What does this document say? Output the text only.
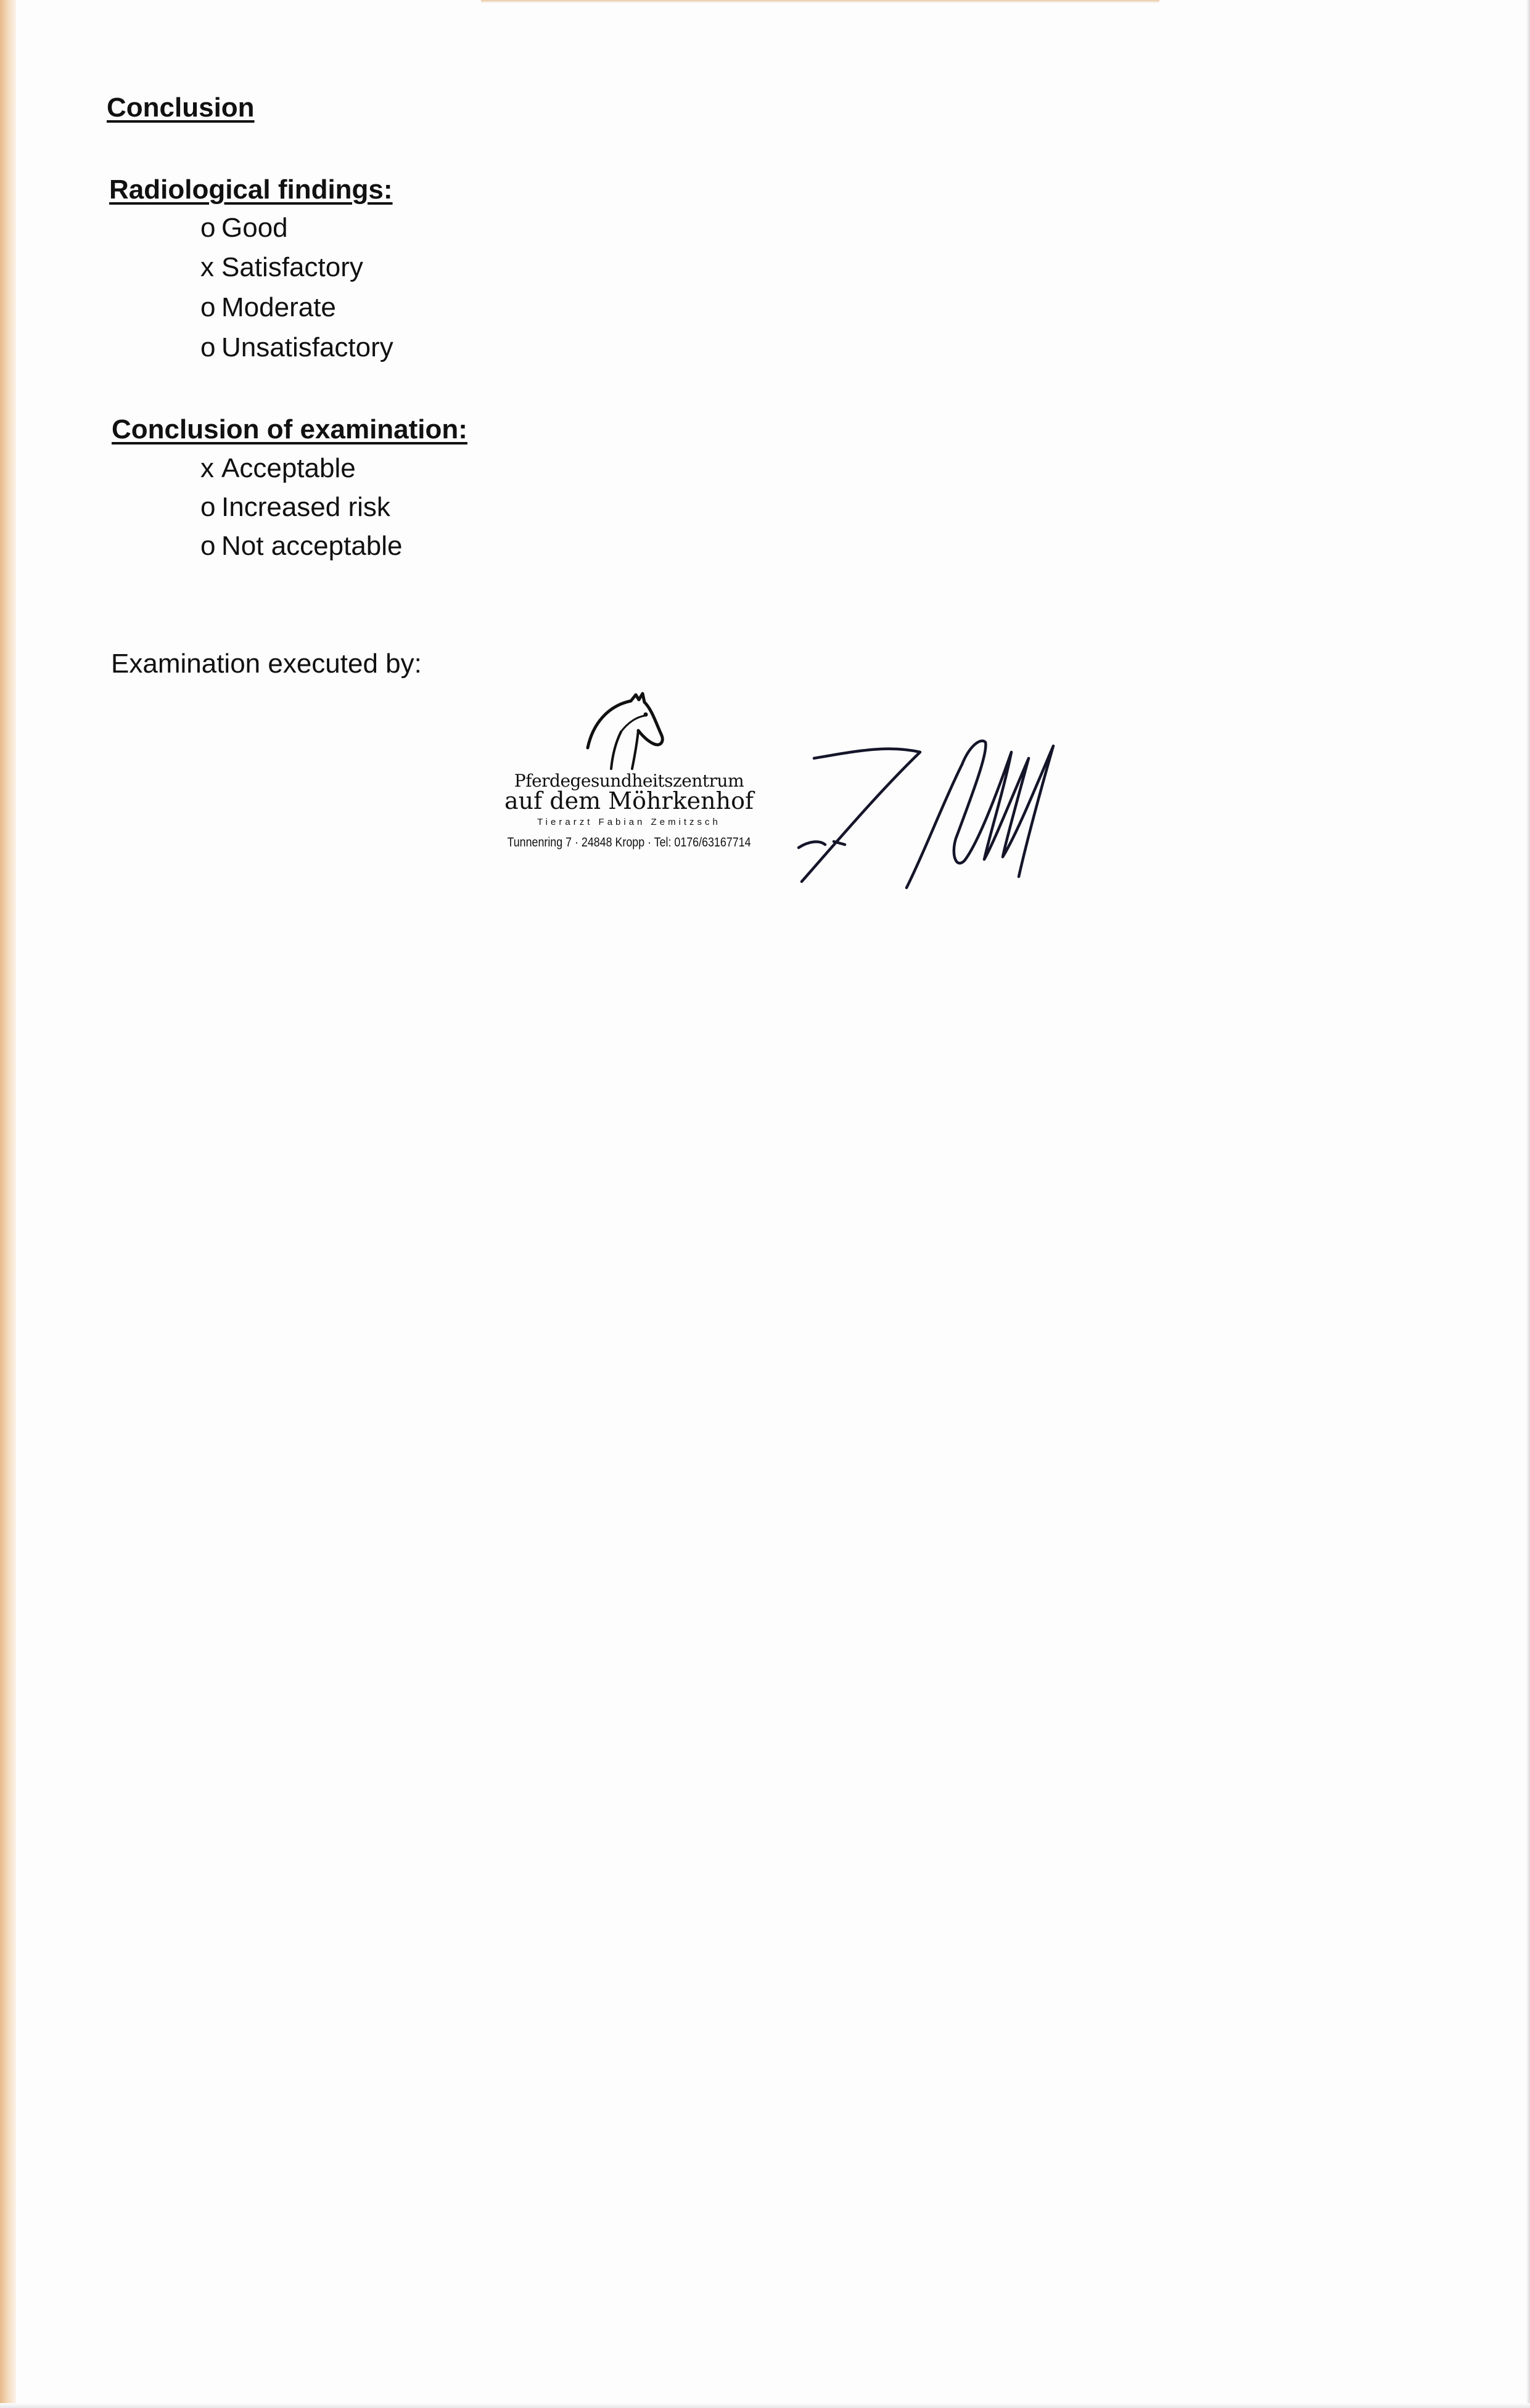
Conclusion
Radiological findings:
o Good
x Satisfactory
o Moderate
o Unsatisfactory
Conclusion of examination:
x Acceptable
o Increased risk
o Not acceptable
Examination executed by:
Pferdegesundheitszentrum
auf dem Möhrkenhof
Tierarzt Fabian Zemitzsch
Tunnenring 7 · 24848 Kropp · Tel: 0176/63167714
